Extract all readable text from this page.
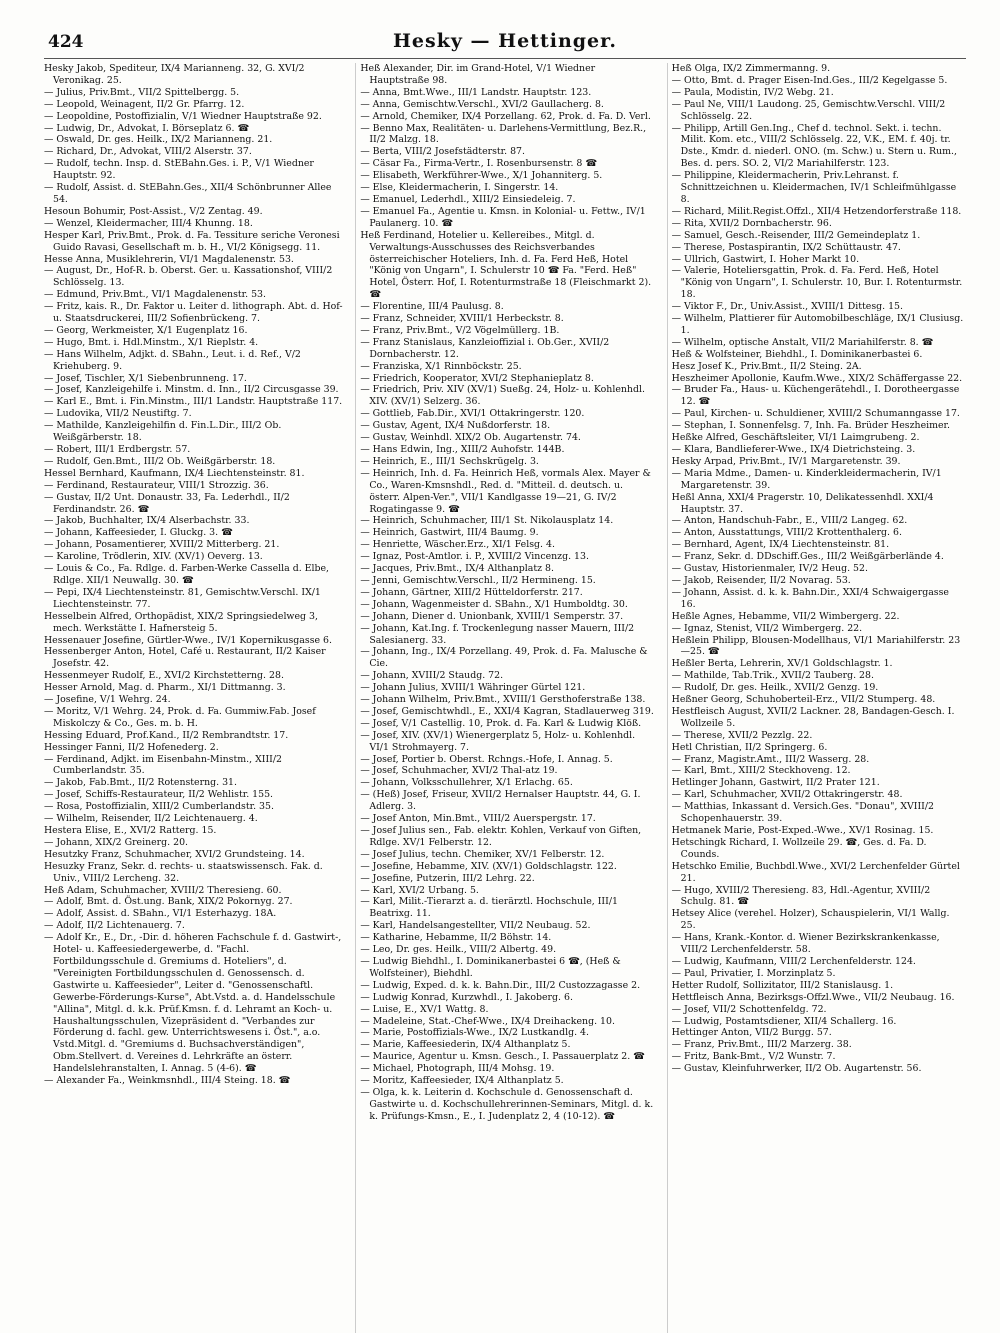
424	Hesky — Hettinger.

Hesky Jakob, Spediteur, IX/4 Marianneng. 32, G. XVI/2 Veronikag. 25.

— Julius, Priv.Bmt., VII/2 Spittelbergg. 5.

— Leopold, Weinagent, II/2 Gr. Pfarrg. 12.

— Leopoldine, Postoffizialin, V/1 Wiedner Hauptstraße 92.

— Ludwig, Dr., Advokat, I. Börseplatz 6. ☎

— Oswald, Dr. ges. Heilk., IX/2 Marianneng. 21.

— Richard, Dr., Advokat, VIII/2 Alserstr. 37.

— Rudolf, techn. Insp. d. StEBahn.Ges. i. P., V/1 Wiedner Hauptstr. 92.

— Rudolf, Assist. d. StEBahn.Ges., XII/4 Schönbrunner Allee 54.

Hesoun Bohumir, Post-Assist., V/2 Zentag. 49.

— Wenzel, Kleidermacher, III/4 Khunng. 18.

Hesper Karl, Priv.Bmt., Prok. d. Fa. Tessiture seriche Veronesi Guido Ravasi, Gesellschaft m. b. H., VI/2 Königsegg. 11.

Hesse Anna, Musiklehrerin, VI/1 Magdalenenstr. 53.

— August, Dr., Hof-R. b. Oberst. Ger. u. Kassationshof, VIII/2 Schlösselg. 13.

— Edmund, Priv.Bmt., VI/1 Magdalenenstr. 53.

— Fritz, kais. R., Dr. Faktor u. Leiter d. lithograph. Abt. d. Hof- u. Staatsdruckerei, III/2 Sofienbrückeng. 7.

— Georg, Werkmeister, X/1 Eugenplatz 16.

— Hugo, Bmt. i. Hdl.Minstm., X/1 Rieplstr. 4.

— Hans Wilhelm, Adjkt. d. SBahn., Leut. i. d. Ref., V/2 Kriehuberg. 9.

— Josef, Tischler, X/1 Siebenbrunneng. 17.

— Josef, Kanzleigehilfe i. Minstm. d. Inn., II/2 Circusgasse 39.

— Karl E., Bmt. i. Fin.Minstm., III/1 Landstr. Hauptstraße 117.

— Ludovika, VII/2 Neustiftg. 7.

— Mathilde, Kanzleigehilfin d. Fin.L.Dir., III/2 Ob. Weißgärberstr. 18.

— Robert, III/1 Erdbergstr. 57.

— Rudolf, Gen.Bmt., III/2 Ob. Weißgärberstr. 18.

Hessel Bernhard, Kaufmann, IX/4 Liechtensteinstr. 81.

— Ferdinand, Restaurateur, VIII/1 Strozzig. 36.

— Gustav, II/2 Unt. Donaustr. 33, Fa. Lederhdl., II/2 Ferdinandstr. 26. ☎

— Jakob, Buchhalter, IX/4 Alserbachstr. 33.

— Johann, Kaffeesieder, I. Gluckg. 3. ☎

— Johann, Posamentierer, XVIII/2 Mitterberg. 21.

— Karoline, Trödlerin, XIV. (XV/1) Oeverg. 13.

— Louis & Co., Fa. Rdlge. d. Farben-Werke Cassella d. Elbe, Rdlge. XII/1 Neuwallg. 30. ☎

— Pepi, IX/4 Liechtensteinstr. 81, Gemischtw.Verschl. IX/1 Liechtensteinstr. 77.

Hesselbein Alfred, Orthopädist, XIX/2 Springsiedelweg 3, mech. Werkstätte I. Hafnersteig 5.

Hessenauer Josefine, Gürtler-Wwe., IV/1 Kopernikusgasse 6.

Hessenberger Anton, Hotel, Café u. Restaurant, II/2 Kaiser Josefstr. 42.

Hessenmeyer Rudolf, E., XVI/2 Kirchstetterng. 28.

Hesser Arnold, Mag. d. Pharm., XI/1 Dittmanng. 3.

— Josefine, V/1 Wehrg. 24.

— Moritz, V/1 Wehrg. 24, Prok. d. Fa. Gummiw.Fab. Josef Miskolczy & Co., Ges. m. b. H.

Hessing Eduard, Prof.Kand., II/2 Rembrandtstr. 17.

Hessinger Fanni, II/2 Hofenederg. 2.

— Ferdinand, Adjkt. im Eisenbahn-Minstm., XIII/2 Cumberlandstr. 35.

— Jakob, Fab.Bmt., II/2 Rotensterng. 31.

— Josef, Schiffs-Restaurateur, II/2 Wehlistr. 155.

— Rosa, Postoffizialin, XIII/2 Cumberlandstr. 35.

— Wilhelm, Reisender, II/2 Leichtenauerg. 4.

Hestera Elise, E., XVI/2 Ratterg. 15.

— Johann, XIX/2 Greinerg. 20.

Hesutzky Franz, Schuhmacher, XVI/2 Grundsteing. 14.

Hesuzky Franz, Sekr. d. rechts- u. staatswissensch. Fak. d. Univ., VIII/2 Lercheng. 32.

Heß Adam, Schuhmacher, XVIII/2 Theresieng. 60.

— Adolf, Bmt. d. Öst.ung. Bank, XIX/2 Pokornyg. 27.

— Adolf, Assist. d. SBahn., VI/1 Esterhazyg. 18A.

— Adolf, II/2 Lichtenauerg. 7.

— Adolf Kr., E., Dr., -Dir. d. höheren Fachschule f. d. Gastwirt-, Hotel- u. Kaffeesiedergewerbe, d. "Fachl. Fortbildungsschule d. Gremiums d. Hoteliers", d. "Vereinigten Fortbildungsschulen d. Genossensch. d. Gastwirte u. Kaffeesieder", Leiter d. "Genossenschaftl. Gewerbe-Förderungs-Kurse", Abt.Vstd. a. d. Handelsschule "Allina", Mitgl. d. k.k. Prüf.Kmsn. f. d. Lehramt an Koch- u. Haushaltungsschulen, Vizepräsident d. "Verbandes zur Förderung d. fachl. gew. Unterrichtswesens i. Öst.", a.o. Vstd.Mitgl. d. "Gremiums d. Buchsachverständigen", Obm.Stellvert. d. Vereines d. Lehrkräfte an österr. Handelslehranstalten, I. Annag. 5 (4-6). ☎

— Alexander Fa., Weinkmsnhdl., III/4 Steing. 18. ☎

Heß Alexander, Dir. im Grand-Hotel, V/1 Wiedner Hauptstraße 98.

— Anna, Bmt.Wwe., III/1 Landstr. Hauptstr. 123.

— Anna, Gemischtw.Verschl., XVI/2 Gaullacherg. 8.

— Arnold, Chemiker, IX/4 Porzellang. 62, Prok. d. Fa. D. Verl.

— Benno Max, Realitäten- u. Darlehens-Vermittlung, Bez.R., II/2 Malzg. 18.

— Berta, VIII/2 Josefstädterstr. 87.

— Cäsar Fa., Firma-Vertr., I. Rosenbursenstr. 8 ☎

— Elisabeth, Werkführer-Wwe., X/1 Johanniterg. 5.

— Else, Kleidermacherin, I. Singerstr. 14.

— Emanuel, Lederhdl., XIII/2 Einsiedeleig. 7.

— Emanuel Fa., Agentie u. Kmsn. in Kolonial- u. Fettw., IV/1 Paulanerg. 10. ☎

Heß Ferdinand, Hotelier u. Kellereibes., Mitgl. d. Verwaltungs-Ausschusses des Reichsverbandes österreichischer Hoteliers, Inh. d. Fa. Ferd Heß, Hotel "König von Ungarn", I. Schulerstr 10 ☎ Fa. "Ferd. Heß" Hotel, Österr. Hof, I. Rotenturmstraße 18 (Fleischmarkt 2). ☎

— Florentine, III/4 Paulusg. 8.

— Franz, Schneider, XVIII/1 Herbeckstr. 8.

— Franz, Priv.Bmt., V/2 Vögelmüllerg. 1B.

— Franz Stanislaus, Kanzleioffizial i. Ob.Ger., XVII/2 Dornbacherstr. 12.

— Franziska, X/1 Rinnböckstr. 25.

— Friedrich, Kooperator, XVI/2 Stephanieplatz 8.

— Friedrich, Priv. XIV (XV/1) Sueßg. 24, Holz- u. Kohlenhdl. XIV. (XV/1) Selzerg. 36.

— Gottlieb, Fab.Dir., XVI/1 Ottakringerstr. 120.

— Gustav, Agent, IX/4 Nußdorferstr. 18.

— Gustav, Weinhdl. XIX/2 Ob. Augartenstr. 74.

— Hans Edwin, Ing., XIII/2 Auhofstr. 144B.

— Heinrich, E., III/1 Sechskrügelg. 3.

— Heinrich, Inh. d. Fa. Heinrich Heß, vormals Alex. Mayer & Co., Waren-Kmsnshdl., Red. d. "Mitteil. d. deutsch. u. österr. Alpen-Ver.", VII/1 Kandlgasse 19—21, G. IV/2 Rogatingasse 9. ☎

— Heinrich, Schuhmacher, III/1 St. Nikolausplatz 14.

— Heinrich, Gastwirt, III/4 Baumg. 9.

— Henriette, Wäscher.Erz., XI/1 Felsg. 4.

— Ignaz, Post-Amtlor. i. P., XVIII/2 Vincenzg. 13.

— Jacques, Priv.Bmt., IX/4 Althanplatz 8.

— Jenni, Gemischtw.Verschl., II/2 Hermineng. 15.

— Johann, Gärtner, XIII/2 Hütteldorferstr. 217.

— Johann, Wagenmeister d. SBahn., X/1 Humboldtg. 30.

— Johann, Diener d. Unionbank, XVIII/1 Semperstr. 37.

— Johann, Kat.Ing. f. Trockenlegung nasser Mauern, III/2 Salesianerg. 33.

— Johann, Ing., IX/4 Porzellang. 49, Prok. d. Fa. Malusche & Cie.

— Johann, XVIII/2 Staudg. 72.

— Johann Julius, XVIII/1 Währinger Gürtel 121.

— Johann Wilhelm, Priv.Bmt., XVIII/1 Gersthoferstraße 138.

— Josef, Gemischtwhdl., E., XXI/4 Kagran, Stadlauerweg 319.

— Josef, V/1 Castellig. 10, Prok. d. Fa. Karl & Ludwig Klöß.

— Josef, XIV. (XV/1) Wienergerplatz 5, Holz- u. Kohlenhdl. VI/1 Strohmayerg. 7.

— Josef, Portier b. Oberst. Rchngs.-Hofe, I. Annag. 5.

— Josef, Schuhmacher, XVI/2 Thal-atz 19.

— Johann, Volksschullehrer, X/1 Erlachg. 65.

— (Heß) Josef, Friseur, XVII/2 Hernalser Hauptstr. 44, G. I. Adlerg. 3.

— Josef Anton, Min.Bmt., VIII/2 Auerspergstr. 17.

— Josef Julius sen., Fab. elektr. Kohlen, Verkauf von Giften, Rdlge. XV/1 Felberstr. 12.

— Josef Julius, techn. Chemiker, XV/1 Felberstr. 12.

— Josefine, Hebamme, XIV. (XV/1) Goldschlagstr. 122.

— Josefine, Putzerin, III/2 Lehrg. 22.

— Karl, XVI/2 Urbang. 5.

— Karl, Milit.-Tierarzt a. d. tierärztl. Hochschule, III/1 Beatrixg. 11.

— Karl, Handelsangestellter, VII/2 Neubaug. 52.

— Katharine, Hebamme, II/2 Böhstr. 14.

— Leo, Dr. ges. Heilk., VIII/2 Albertg. 49.

— Ludwig Biehdhl., I. Dominikanerbastei 6 ☎, (Heß & Wolfsteiner), Biehdhl.

— Ludwig, Exped. d. k. k. Bahn.Dir., III/2 Custozzagasse 2.

— Ludwig Konrad, Kurzwhdl., I. Jakoberg. 6.

— Luise, E., XV/1 Wattg. 8.

— Madeleine, Stat.-Chef-Wwe., IX/4 Dreihackeng. 10.

— Marie, Postoffizials-Wwe., IX/2 Lustkandlg. 4.

— Marie, Kaffeesiederin, IX/4 Althanplatz 5.

— Maurice, Agentur u. Kmsn. Gesch., I. Passauerplatz 2. ☎

— Michael, Photograph, III/4 Mohsg. 19.

— Moritz, Kaffeesieder, IX/4 Althanplatz 5.

— Olga, k. k. Leiterin d. Kochschule d. Genossenschaft d. Gastwirte u. d. Kochschullehrerinnen-Seminars, Mitgl. d. k. k. Prüfungs-Kmsn., E., I. Judenplatz 2, 4 (10-12). ☎

Heß Olga, IX/2 Zimmermanng. 9.

— Otto, Bmt. d. Prager Eisen-Ind.Ges., III/2 Kegelgasse 5.

— Paula, Modistin, IV/2 Webg. 21.

— Paul Ne, VIII/1 Laudong. 25, Gemischtw.Verschl. VIII/2 Schlösselg. 22.

— Philipp, Artill Gen.Ing., Chef d. technol. Sekt. i. techn. Milit. Kom. etc., VIII/2 Schlösselg. 22, V.K., EM. f. 40j. tr. Dste., Kmdr. d. niederl. ONO. (m. Schw.) u. Stern u. Rum., Bes. d. pers. SO. 2, VI/2 Mariahilferstr. 123.

— Philippine, Kleidermacherin, Priv.Lehranst. f. Schnittzeichnen u. Kleidermachen, IV/1 Schleifmühlgasse 8.

— Richard, Milit.Regist.Offzl., XII/4 Hetzendorferstraße 118.

— Rita, XVII/2 Dornbacherstr. 96.

— Samuel, Gesch.-Reisender, III/2 Gemeindeplatz 1.

— Therese, Postaspirantin, IX/2 Schüttaustr. 47.

— Ullrich, Gastwirt, I. Hoher Markt 10.

— Valerie, Hoteliersgattin, Prok. d. Fa. Ferd. Heß, Hotel "König von Ungarn", I. Schulerstr. 10, Bur. I. Rotenturmstr. 18.

— Viktor F., Dr., Univ.Assist., XVIII/1 Dittesg. 15.

— Wilhelm, Plattierer für Automobilbeschläge, IX/1 Clusiusg. 1.

— Wilhelm, optische Anstalt, VII/2 Mariahilferstr. 8. ☎

Heß & Wolfsteiner, Biehdhl., I. Dominikanerbastei 6.

Hesz Josef K., Priv.Bmt., II/2 Steing. 2A.

Heszheimer Apollonie, Kaufm.Wwe., XIX/2 Schäffergasse 22.

— Bruder Fa., Haus- u. Küchengerätehdl., I. Dorotheergasse 12. ☎

— Paul, Kirchen- u. Schuldiener, XVIII/2 Schumanngasse 17.

— Stephan, I. Sonnenfelsg. 7, Inh. Fa. Brüder Heszheimer.

Heßke Alfred, Geschäftsleiter, VI/1 Laimgrubeng. 2.

— Klara, Bandlieferer-Wwe., IX/4 Dietrichsteing. 3.

Hesky Arpad, Priv.Bmt., IV/1 Margaretenstr. 39.

— Maria Mdme., Damen- u. Kinderkleidermacherin, IV/1 Margaretenstr. 39.

Heßl Anna, XXI/4 Pragerstr. 10, Delikatessenhdl. XXI/4 Hauptstr. 37.

— Anton, Handschuh-Fabr., E., VIII/2 Langeg. 62.

— Anton, Ausstattungs, VIII/2 Krottenthalerg. 6.

— Bernhard, Agent, IX/4 Liechtensteinstr. 81.

— Franz, Sekr. d. DDschiff.Ges., III/2 Weißgärberlände 4.

— Gustav, Historienmaler, IV/2 Heug. 52.

— Jakob, Reisender, II/2 Novarag. 53.

— Johann, Assist. d. k. k. Bahn.Dir., XXI/4 Schwaigergasse 16.

Heßle Agnes, Hebamme, VII/2 Wimbergerg. 22.

— Ignaz, Stenist, VII/2 Wimbergerg. 22.

Heßlein Philipp, Blousen-Modellhaus, VI/1 Mariahilferstr. 23—25. ☎

Heßler Berta, Lehrerin, XV/1 Goldschlagstr. 1.

— Mathilde, Tab.Trik., XVII/2 Tauberg. 28.

— Rudolf, Dr. ges. Heilk., XVII/2 Genzg. 19.

Heßner Georg, Schuhoberteil-Erz., VII/2 Stumperg. 48.

Hestfleisch August, XVII/2 Lackner. 28, Bandagen-Gesch. I. Wollzeile 5.

— Therese, XVII/2 Pezzlg. 22.

Hetl Christian, II/2 Springerg. 6.

— Franz, Magistr.Amt., III/2 Wasserg. 28.

— Karl, Bmt., XIII/2 Steckhoveng. 12.

Hetlinger Johann, Gastwirt, II/2 Prater 121.

— Karl, Schuhmacher, XVII/2 Ottakringerstr. 48.

— Matthias, Inkassant d. Versich.Ges. "Donau", XVIII/2 Schopenhauerstr. 39.

Hetmanek Marie, Post-Exped.-Wwe., XV/1 Rosinag. 15.

Hetschingk Richard, I. Wollzeile 29. ☎, Ges. d. Fa. D. Counds.

Hetschko Emilie, Buchbdl.Wwe., XVI/2 Lerchenfelder Gürtel 21.

— Hugo, XVIII/2 Theresieng. 83, Hdl.-Agentur, XVIII/2 Schulg. 81. ☎

Hetsey Alice (verehel. Holzer), Schauspielerin, VI/1 Wallg. 25.

— Hans, Krank.-Kontor. d. Wiener Bezirkskrankenkasse, VIII/2 Lerchenfelderstr. 58.

— Ludwig, Kaufmann, VIII/2 Lerchenfelderstr. 124.

— Paul, Privatier, I. Morzinplatz 5.

Hetter Rudolf, Sollizitator, III/2 Stanislausg. 1.

Hettfleisch Anna, Bezirksgs-Offzl.Wwe., VII/2 Neubaug. 16.

— Josef, VII/2 Schottenfeldg. 72.

— Ludwig, Postamtsdiener, XII/4 Schallerg. 16.

Hettinger Anton, VII/2 Burgg. 57.

— Franz, Priv.Bmt., III/2 Marzerg. 38.

— Fritz, Bank-Bmt., V/2 Wunstr. 7.

— Gustav, Kleinfuhrwerker, II/2 Ob. Augartenstr. 56.
